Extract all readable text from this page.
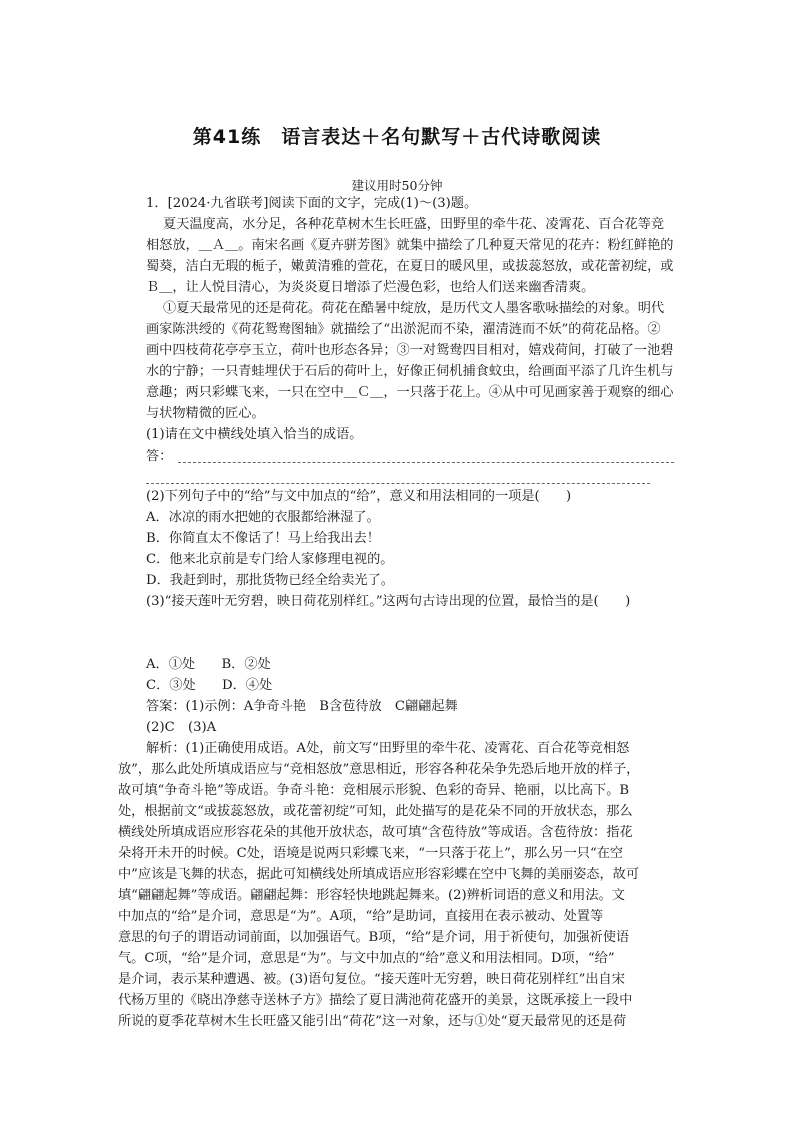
第41练　语言表达＋名句默写＋古代诗歌阅读
建议用时50分钟
1．[2024·九省联考]阅读下面的文字，完成(1)～(3)题。
夏天温度高，水分足，各种花草树木生长旺盛，田野里的牵牛花、凌霄花、百合花等竞
相怒放，＿Ａ＿。南宋名画《夏卉骈芳图》就集中描绘了几种夏天常见的花卉：粉红鲜艳的
蜀葵，洁白无瑕的栀子，嫩黄清雅的萱花，在夏日的暖风里，或拔蕊怒放，或花蕾初绽，或
Ｂ＿，让人悦目清心，为炎炎夏日增添了烂漫色彩，也给人们送来幽香清爽。
①夏天最常见的还是荷花。荷花在酷暑中绽放，是历代文人墨客歌咏描绘的对象。明代
画家陈洪绶的《荷花鸳鸯图轴》就描绘了“出淤泥而不染，濯清涟而不妖”的荷花品格。②
画中四枝荷花亭亭玉立，荷叶也形态各异；③一对鸳鸯四目相对，嬉戏荷间，打破了一池碧
水的宁静；一只青蛙埋伏于石后的荷叶上，好像正伺机捕食蚊虫，给画面平添了几许生机与
意趣；两只彩蝶飞来，一只在空中＿Ｃ＿，一只落于花上。④从中可见画家善于观察的细心
与状物精微的匠心。
(1)请在文中横线处填入恰当的成语。
答：
(2)下列句子中的“给”与文中加点的“给”，意义和用法相同的一项是(　　)
A．冰凉的雨水把她的衣服都给淋湿了。
B．你简直太不像话了！马上给我出去！
C．他来北京前是专门给人家修理电视的。
D．我赶到时，那批货物已经全给卖光了。
(3)“接天莲叶无穷碧，映日荷花别样红。”这两句古诗出现的位置，最恰当的是(　　)
A．①处　　B．②处
C．③处　　D．④处
答案：(1)示例：A争奇斗艳　B含苞待放　C翩翩起舞
(2)C　(3)A
解析：(1)正确使用成语。A处，前文写“田野里的牵牛花、凌霄花、百合花等竞相怒
放”，那么此处所填成语应与“竞相怒放”意思相近，形容各种花朵争先恐后地开放的样子，
故可填“争奇斗艳”等成语。争奇斗艳：竞相展示形貌、色彩的奇异、艳丽，以比高下。B
处，根据前文“或拔蕊怒放，或花蕾初绽”可知，此处描写的是花朵不同的开放状态，那么
横线处所填成语应形容花朵的其他开放状态，故可填“含苞待放”等成语。含苞待放：指花
朵将开未开的时候。C处，语境是说两只彩蝶飞来，“一只落于花上”，那么另一只“在空
中”应该是飞舞的状态，据此可知横线处所填成语应形容彩蝶在空中飞舞的美丽姿态，故可
填“翩翩起舞”等成语。翩翩起舞：形容轻快地跳起舞来。(2)辨析词语的意义和用法。文
中加点的“给”是介词，意思是“为”。A项，“给”是助词，直接用在表示被动、处置等
意思的句子的谓语动词前面，以加强语气。B项，“给”是介词，用于祈使句，加强祈使语
气。C项，“给”是介词，意思是“为”。与文中加点的“给”意义和用法相同。D项，“给”
是介词，表示某种遭遇、被。(3)语句复位。“接天莲叶无穷碧，映日荷花别样红”出自宋
代杨万里的《晓出净慈寺送林子方》描绘了夏日满池荷花盛开的美景，这既承接上一段中
所说的夏季花草树木生长旺盛又能引出“荷花”这一对象，还与①处“夏天最常见的还是荷
